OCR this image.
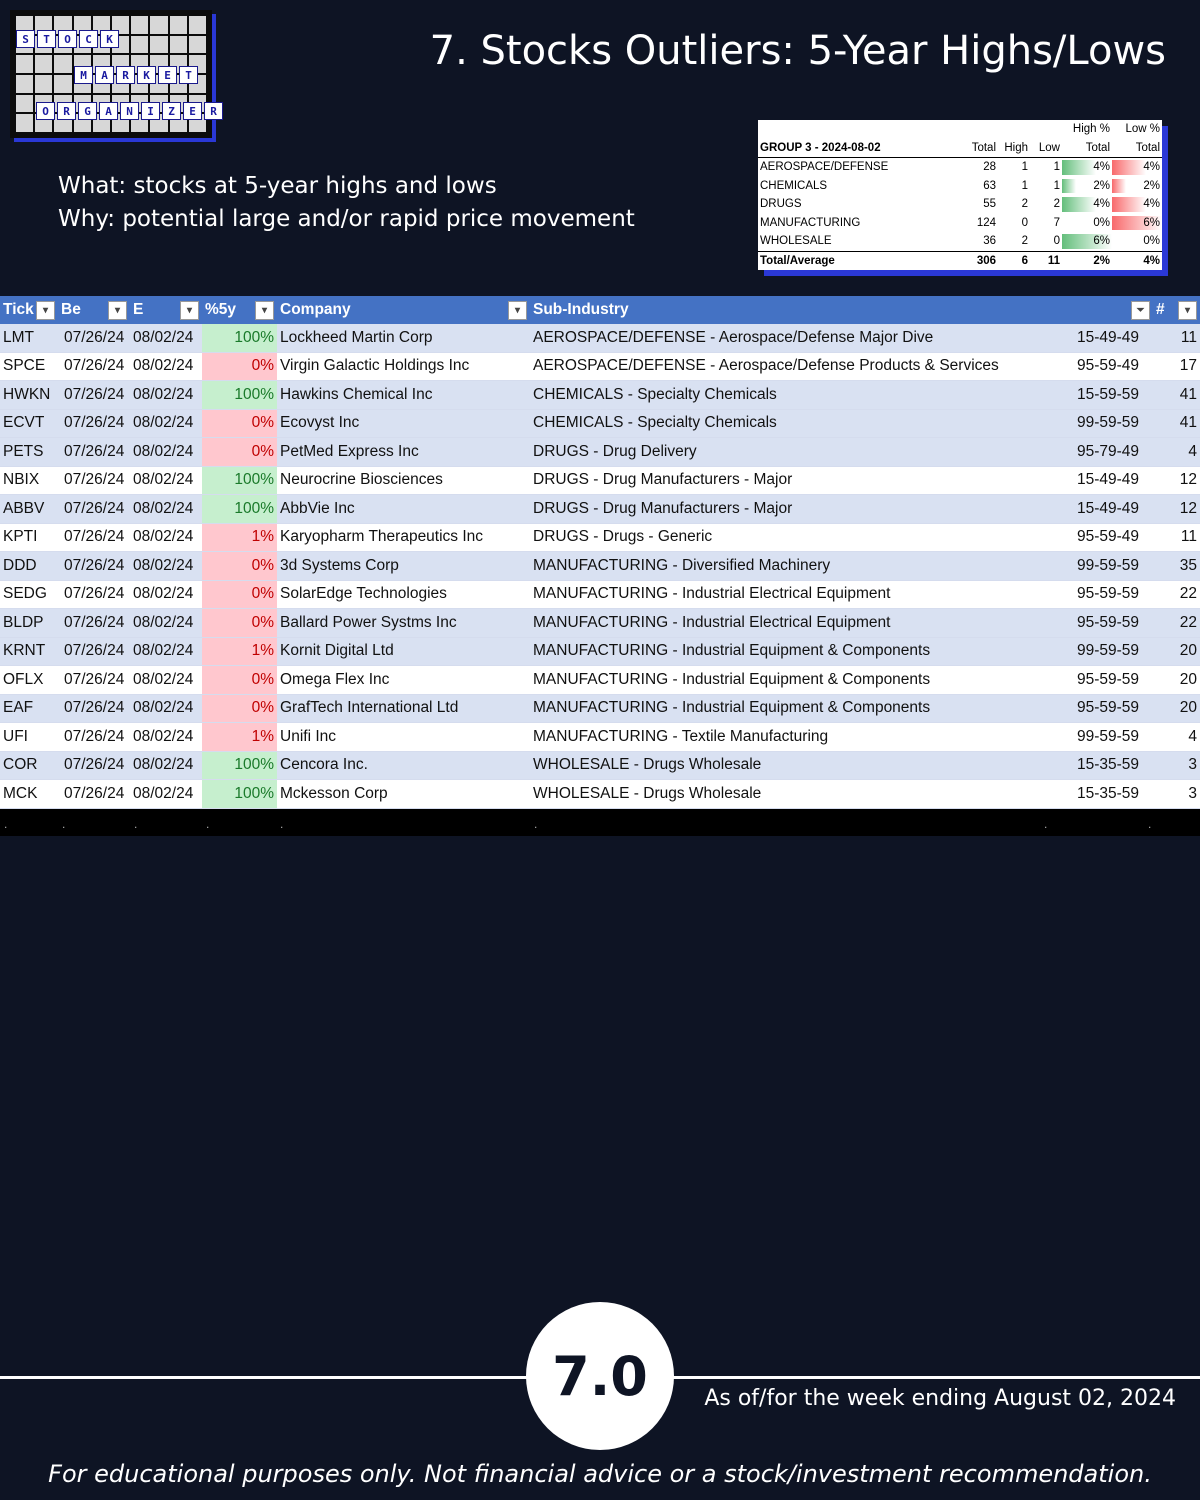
S	T	O	C	K
M	A	R	K	E	T
O	R	G	A	N	I	Z	E	R
7. Stocks Outliers: 5-Year Highs/Lows
What: stocks at 5-year highs and lows
Why: potential large and/or rapid price movement
				High %	Low %
GROUP 3 - 2024-08-02	Total	High	Low	Total	Total
AEROSPACE/DEFENSE	28	1	1	4%	4%
CHEMICALS	63	1	1	2%	2%
DRUGS	55	2	2	4%	4%
MANUFACTURING	124	0	7	0%	6%
WHOLESALE	36	2	0	6%	0%
Total/Average	306	6	11	2%	4%
Tick ▾	Be ▾	E ▾	%5y ▾	Company ▾	Sub-Industry	⏷	# ▾

LMT	07/26/24	08/02/24	100%	Lockheed Martin Corp	AEROSPACE/DEFENSE - Aerospace/Defense Major Dive	15-49-49	11
SPCE	07/26/24	08/02/24	0%	Virgin Galactic Holdings Inc	AEROSPACE/DEFENSE - Aerospace/Defense Products & Services	95-59-49	17
HWKN	07/26/24	08/02/24	100%	Hawkins Chemical Inc	CHEMICALS - Specialty Chemicals	15-59-59	41
ECVT	07/26/24	08/02/24	0%	Ecovyst Inc	CHEMICALS - Specialty Chemicals	99-59-59	41
PETS	07/26/24	08/02/24	0%	PetMed Express Inc	DRUGS - Drug Delivery	95-79-49	4
NBIX	07/26/24	08/02/24	100%	Neurocrine Biosciences	DRUGS - Drug Manufacturers - Major	15-49-49	12
ABBV	07/26/24	08/02/24	100%	AbbVie Inc	DRUGS - Drug Manufacturers - Major	15-49-49	12
KPTI	07/26/24	08/02/24	1%	Karyopharm Therapeutics Inc	DRUGS - Drugs - Generic	95-59-49	11
DDD	07/26/24	08/02/24	0%	3d Systems Corp	MANUFACTURING - Diversified Machinery	99-59-59	35
SEDG	07/26/24	08/02/24	0%	SolarEdge Technologies	MANUFACTURING - Industrial Electrical Equipment	95-59-59	22
BLDP	07/26/24	08/02/24	0%	Ballard Power Systms Inc	MANUFACTURING - Industrial Electrical Equipment	95-59-59	22
KRNT	07/26/24	08/02/24	1%	Kornit Digital Ltd	MANUFACTURING - Industrial Equipment & Components	99-59-59	20
OFLX	07/26/24	08/02/24	0%	Omega Flex Inc	MANUFACTURING - Industrial Equipment & Components	95-59-59	20
EAF	07/26/24	08/02/24	0%	GrafTech International Ltd	MANUFACTURING - Industrial Equipment & Components	95-59-59	20
UFI	07/26/24	08/02/24	1%	Unifi Inc	MANUFACTURING - Textile Manufacturing	99-59-59	4
COR	07/26/24	08/02/24	100%	Cencora Inc.	WHOLESALE - Drugs Wholesale	15-35-59	3
MCK	07/26/24	08/02/24	100%	Mckesson Corp	WHOLESALE - Drugs Wholesale	15-35-59	3
.	.	.	.	.	.	.	.
7.0	As of/for the week ending August 02, 2024
For educational purposes only. Not financial advice or a stock/investment recommendation.
